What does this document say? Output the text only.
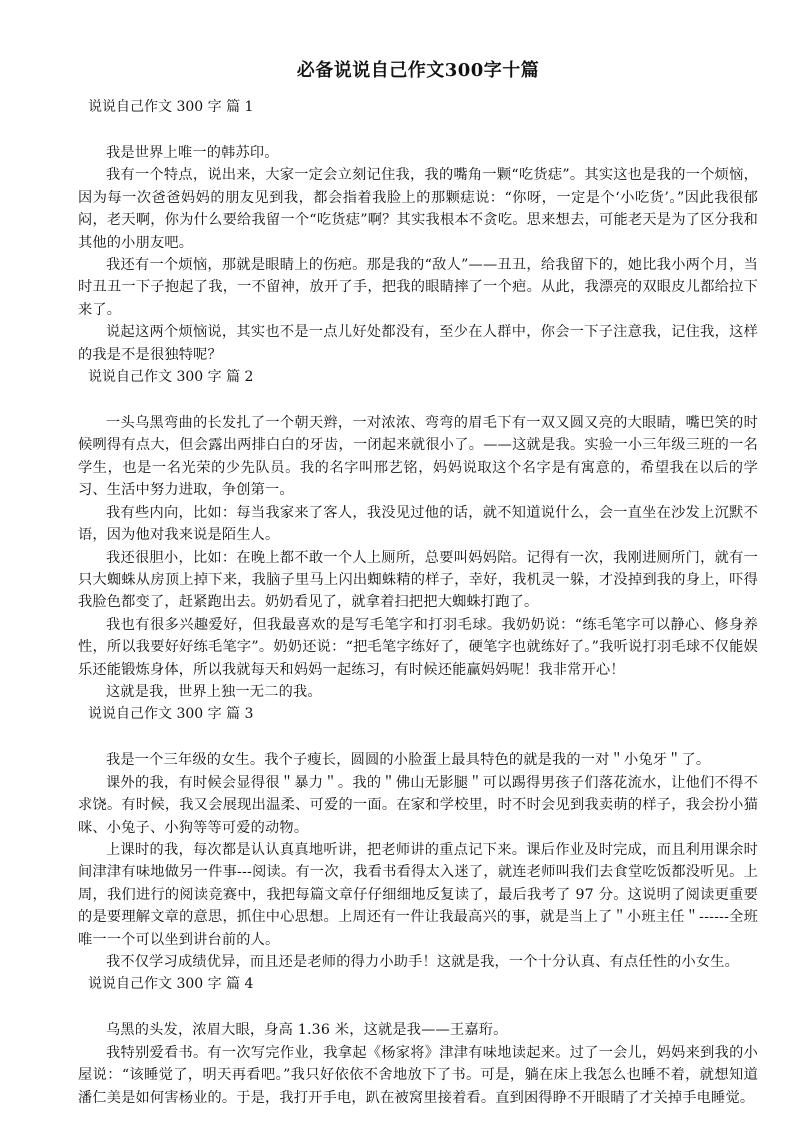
必备说说自己作文300字十篇

说说自己作文 300 字 篇 1

我是世界上唯一的韩苏印。

我有一个特点，说出来，大家一定会立刻记住我，我的嘴角一颗“吃货痣”。其实这也是我的一个烦恼，因为每一次爸爸妈妈的朋友见到我，都会指着我脸上的那颗痣说：“你呀，一定是个‘小吃货’。”因此我很郁闷，老天啊，你为什么要给我留一个“吃货痣”啊？其实我根本不贪吃。思来想去，可能老天是为了区分我和其他的小朋友吧。

我还有一个烦恼，那就是眼睛上的伤疤。那是我的“敌人”——丑丑，给我留下的，她比我小两个月，当时丑丑一下子抱起了我，一不留神，放开了手，把我的眼睛摔了一个疤。从此，我漂亮的双眼皮儿都给拉下来了。

说起这两个烦恼说，其实也不是一点儿好处都没有，至少在人群中，你会一下子注意我，记住我，这样的我是不是很独特呢？

说说自己作文 300 字 篇 2

一头乌黑弯曲的长发扎了一个朝天辫，一对浓浓、弯弯的眉毛下有一双又圆又亮的大眼睛，嘴巴笑的时候咧得有点大，但会露出两排白白的牙齿，一闭起来就很小了。——这就是我。实验一小三年级三班的一名学生，也是一名光荣的少先队员。我的名字叫邢艺铭，妈妈说取这个名字是有寓意的，希望我在以后的学习、生活中努力进取，争创第一。

我有些内向，比如：每当我家来了客人，我没见过他的话，就不知道说什么，会一直坐在沙发上沉默不语，因为他对我来说是陌生人。

我还很胆小，比如：在晚上都不敢一个人上厕所，总要叫妈妈陪。记得有一次，我刚进厕所门，就有一只大蜘蛛从房顶上掉下来，我脑子里马上闪出蜘蛛精的样子，幸好，我机灵一躲，才没掉到我的身上，吓得我脸色都变了，赶紧跑出去。奶奶看见了，就拿着扫把把大蜘蛛打跑了。

我也有很多兴趣爱好，但我最喜欢的是写毛笔字和打羽毛球。我奶奶说：“练毛笔字可以静心、修身养性，所以我要好好练毛笔字”。奶奶还说：“把毛笔字练好了，硬笔字也就练好了。”我听说打羽毛球不仅能娱乐还能锻炼身体，所以我就每天和妈妈一起练习，有时候还能赢妈妈呢！我非常开心！

这就是我，世界上独一无二的我。

说说自己作文 300 字 篇 3

我是一个三年级的女生。我个子瘦长，圆圆的小脸蛋上最具特色的就是我的一对＂小兔牙＂了。

课外的我，有时候会显得很＂暴力＂。我的＂佛山无影腿＂可以踢得男孩子们落花流水，让他们不得不求饶。有时候，我又会展现出温柔、可爱的一面。在家和学校里，时不时会见到我卖萌的样子，我会扮小猫咪、小兔子、小狗等等可爱的动物。

上课时的我，每次都是认认真真地听讲，把老师讲的重点记下来。课后作业及时完成，而且利用课余时间津津有味地做另一件事---阅读。有一次，我看书看得太入迷了，就连老师叫我们去食堂吃饭都没听见。上周，我们进行的阅读竞赛中，我把每篇文章仔仔细细地反复读了，最后我考了 97 分。这说明了阅读更重要的是要理解文章的意思，抓住中心思想。上周还有一件让我最高兴的事，就是当上了＂小班主任＂------全班唯一一个可以坐到讲台前的人。

我不仅学习成绩优异，而且还是老师的得力小助手！这就是我，一个十分认真、有点任性的小女生。

说说自己作文 300 字 篇 4

乌黑的头发，浓眉大眼，身高 1.36 米，这就是我——王嘉珩。

我特别爱看书。有一次写完作业，我拿起《杨家将》津津有味地读起来。过了一会儿，妈妈来到我的小屋说：“该睡觉了，明天再看吧。”我只好依依不舍地放下了书。可是，躺在床上我怎么也睡不着，就想知道潘仁美是如何害杨业的。于是，我打开手电，趴在被窝里接着看。直到困得睁不开眼睛了才关掉手电睡觉。
